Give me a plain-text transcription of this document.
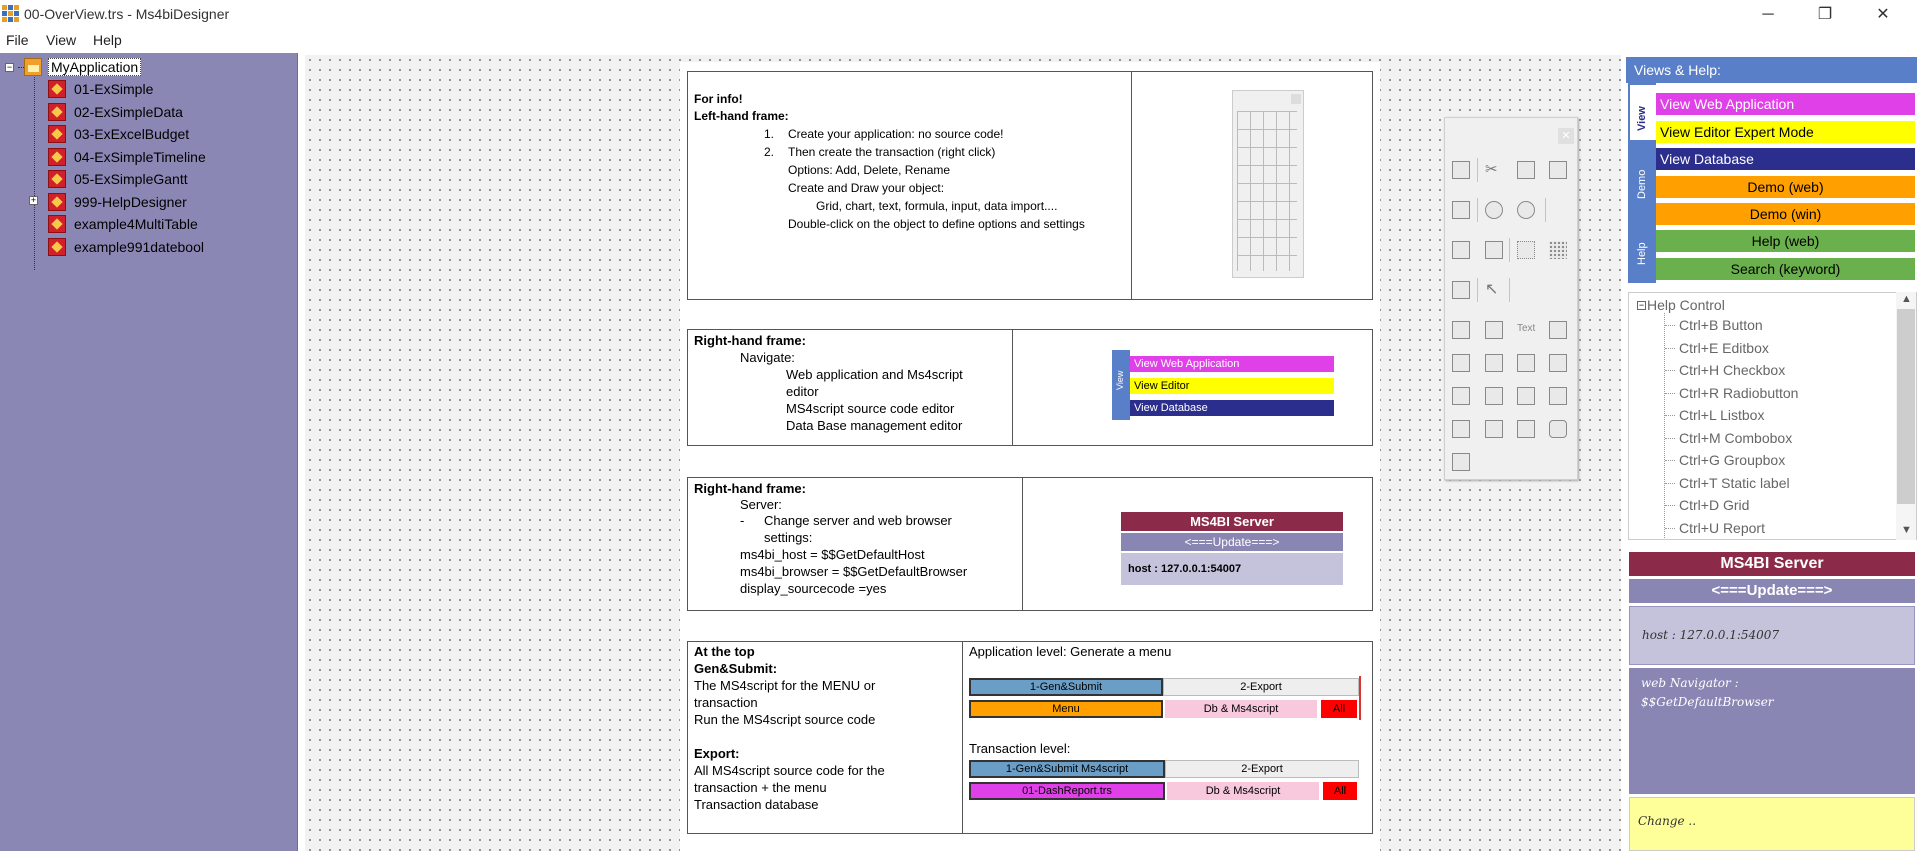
00-OverView.trs - Ms4biDesigner	─	❐	✕
File View Help
−	MyApplication
01-ExSimple
02-ExSimpleData
03-ExExcelBudget
04-ExSimpleTimeline
05-ExSimpleGantt
+	999-HelpDesigner
example4MultiTable
example991datebool
For info!
Left-hand frame:
1. Create your application: no source code!
2. Then create the transaction (right click)
Options: Add, Delete, Rename
Create and Draw your object:
Grid, chart, text, formula, input, data import....
Double-click on the object to define options and settings
Right-hand frame:
Navigate:
Web application and Ms4script
editor
MS4script source code editor
Data Base management editor
View
View Web Application
View Editor
View Database
Right-hand frame:
Server:
- Change server and web browser
settings:
ms4bi_host = $$GetDefaultHost
ms4bi_browser = $$GetDefaultBrowser
display_sourcecode =yes
MS4BI Server
<===Update===>
host : 127.0.0.1:54007
At the top
Gen&Submit:
The MS4script for the MENU or
transaction
Run the MS4script source code
Export:
All MS4script source code for the
transaction + the menu
Transaction database
Application level: Generate a menu
1-Gen&Submit	2-Export
Menu	Db & Ms4script	All
Transaction level:
1-Gen&Submit Ms4script	2-Export
01-DashReport.trs	Db & Ms4script	All
✕
✂
↖
Text
Views & Help:
View
Demo
Help
View Web Application
View Editor Expert Mode
View Database
Demo (web)
Demo (win)
Help (web)
Search (keyword)
− Help Control
Ctrl+B Button
Ctrl+E Editbox
Ctrl+H Checkbox
Ctrl+R Radiobutton
Ctrl+L Listbox
Ctrl+M Combobox
Ctrl+G Groupbox
Ctrl+T Static label
Ctrl+D Grid
Ctrl+U Report
▲
▼
MS4BI Server
<===Update===>
host : 127.0.0.1:54007
web Navigator :
$$GetDefaultBrowser
Change ..
